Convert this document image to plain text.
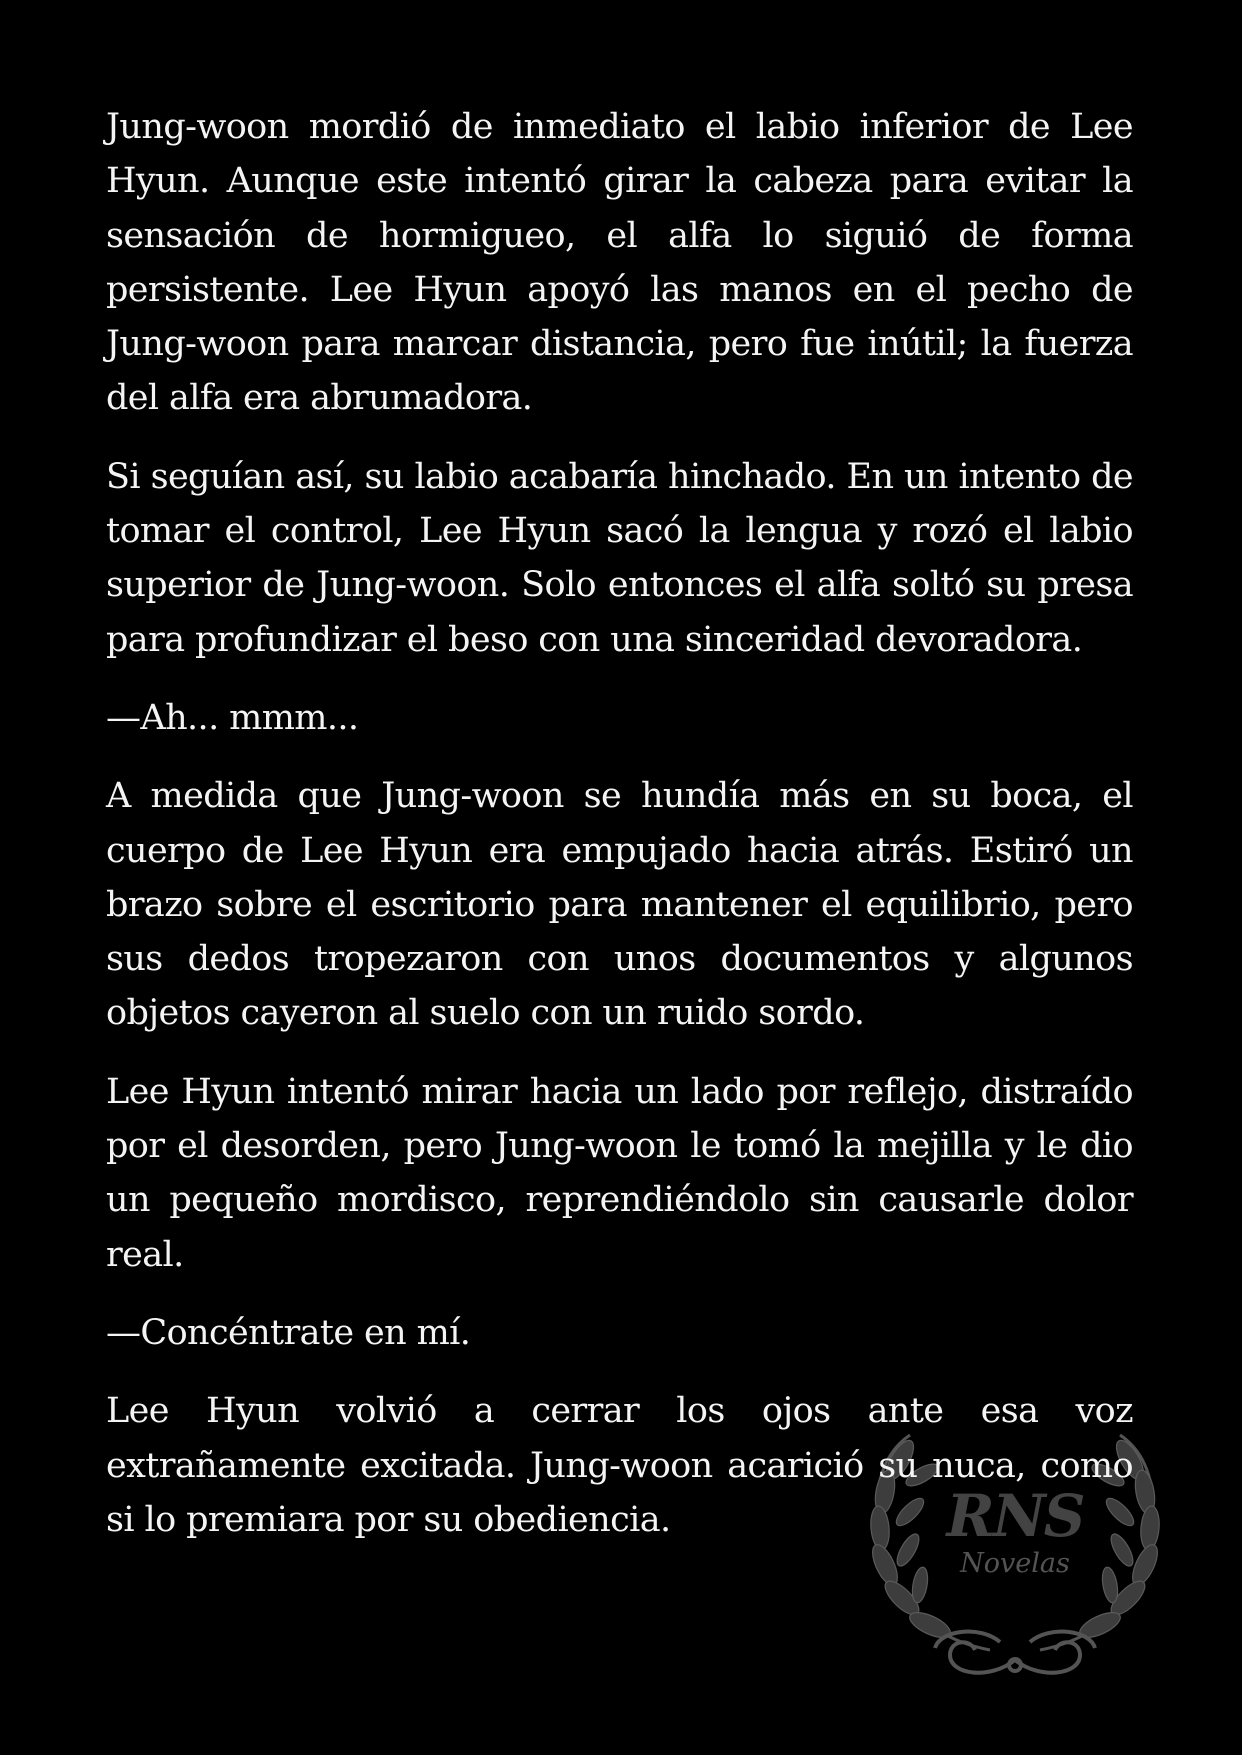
Jung-woon mordió de inmediato el labio inferior de Lee Hyun. Aunque este intentó girar la cabeza para evitar la sensación de hormigueo, el alfa lo siguió de forma persistente. Lee Hyun apoyó las manos en el pecho de Jung-woon para marcar distancia, pero fue inútil; la fuerza del alfa era abrumadora.

Si seguían así, su labio acabaría hinchado. En un intento de tomar el control, Lee Hyun sacó la lengua y rozó el labio superior de Jung-woon. Solo entonces el alfa soltó su presa para profundizar el beso con una sinceridad devoradora.

—Ah... mmm...

A medida que Jung-woon se hundía más en su boca, el cuerpo de Lee Hyun era empujado hacia atrás. Estiró un brazo sobre el escritorio para mantener el equilibrio, pero sus dedos tropezaron con unos documentos y algunos objetos cayeron al suelo con un ruido sordo.

Lee Hyun intentó mirar hacia un lado por reflejo, distraído por el desorden, pero Jung-woon le tomó la mejilla y le dio un pequeño mordisco, reprendiéndolo sin causarle dolor real.

—Concéntrate en mí.

Lee Hyun volvió a cerrar los ojos ante esa voz extrañamente excitada. Jung-woon acarició su nuca, como si lo premiara por su obediencia.	RNS
Novelas
